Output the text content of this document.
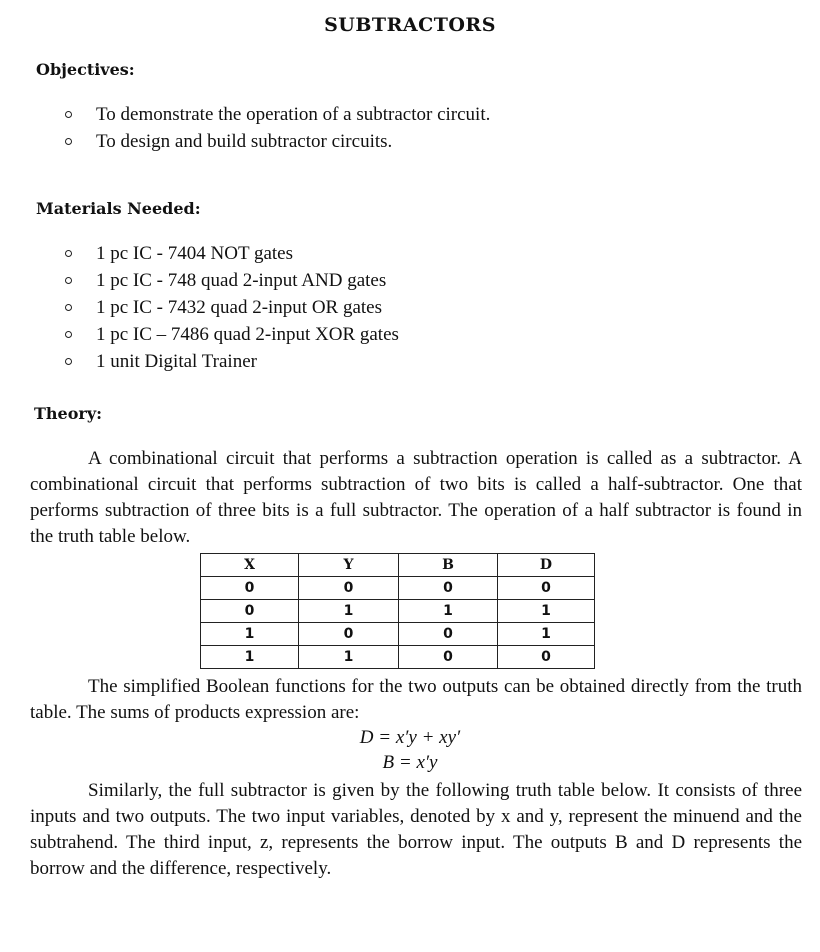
SUBTRACTORS
Objectives:
To demonstrate the operation of a subtractor circuit.
To design and build subtractor circuits.
Materials Needed:
1 pc IC - 7404 NOT gates
1 pc IC - 748 quad 2-input AND gates
1 pc IC - 7432 quad 2-input OR gates
1 pc IC – 7486 quad 2-input XOR gates
1 unit Digital Trainer
Theory:

A combinational circuit that performs a subtraction operation is called as a subtractor. A combinational circuit that performs subtraction of two bits is called a half-subtractor. One that performs subtraction of three bits is a full subtractor. The operation of a half subtractor is found in the truth table below.

X	Y	B	D
0	0	0	0
0	1	1	1
1	0	0	1
1	1	0	0

The simplified Boolean functions for the two outputs can be obtained directly from the truth table. The sums of products expression are:

D = x′y + xy′
B = x′y

Similarly, the full subtractor is given by the following truth table below. It consists of three inputs and two outputs. The two input variables, denoted by x and y, represent the minuend and the subtrahend. The third input, z, represents the borrow input. The outputs B and D represents the borrow and the difference, respectively.
